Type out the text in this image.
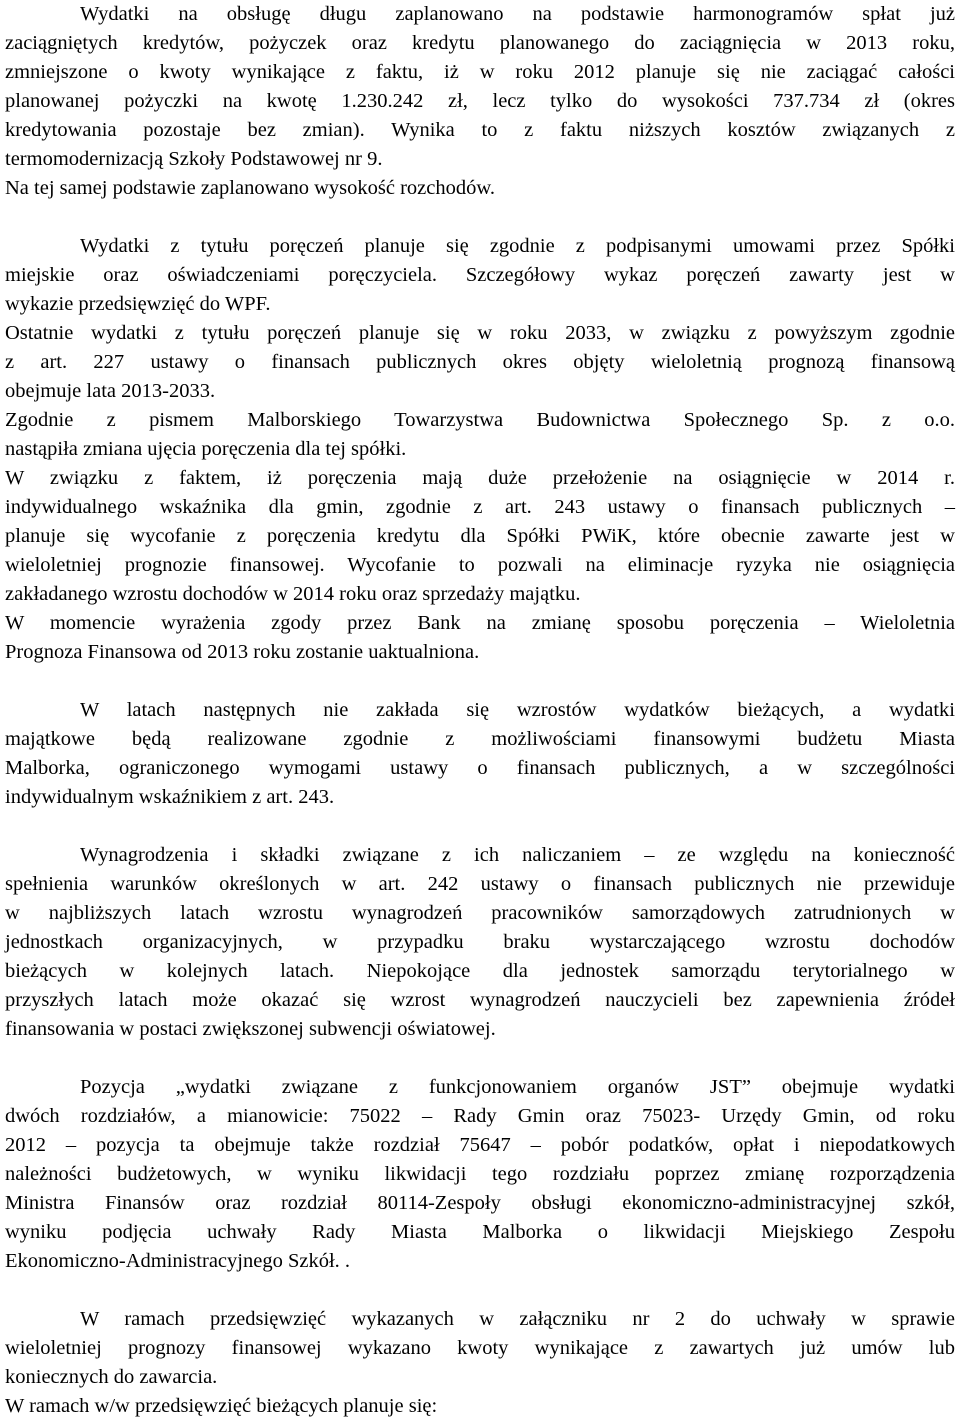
Wydatki na obsługę długu zaplanowano na podstawie harmonogramów spłat już
zaciągniętych kredytów, pożyczek oraz kredytu planowanego do zaciągnięcia w 2013 roku,
zmniejszone o kwoty wynikające z faktu, iż w roku 2012 planuje się nie zaciągać całości
planowanej pożyczki na kwotę 1.230.242 zł, lecz tylko do wysokości 737.734 zł (okres
kredytowania pozostaje bez zmian). Wynika to z faktu niższych kosztów związanych z
termomodernizacją Szkoły Podstawowej nr 9.
Na tej samej podstawie zaplanowano wysokość rozchodów.
Wydatki z tytułu poręczeń planuje się zgodnie z podpisanymi umowami przez Spółki
miejskie oraz oświadczeniami poręczyciela. Szczegółowy wykaz poręczeń zawarty jest w
wykazie przedsięwzięć do WPF.
Ostatnie wydatki z tytułu poręczeń planuje się w roku 2033, w związku z powyższym zgodnie
z art. 227 ustawy o finansach publicznych okres objęty wieloletnią prognozą finansową
obejmuje lata 2013-2033.
Zgodnie z pismem Malborskiego Towarzystwa Budownictwa Społecznego Sp. z o.o.
nastąpiła zmiana ujęcia poręczenia dla tej spółki.
W związku z faktem, iż poręczenia mają duże przełożenie na osiągnięcie w 2014 r.
indywidualnego wskaźnika dla gmin, zgodnie z art. 243 ustawy o finansach publicznych –
planuje się wycofanie z poręczenia kredytu dla Spółki PWiK, które obecnie zawarte jest w
wieloletniej prognozie finansowej. Wycofanie to pozwali na eliminacje ryzyka nie osiągnięcia
zakładanego wzrostu dochodów w 2014 roku oraz sprzedaży majątku.
W momencie wyrażenia zgody przez Bank na zmianę sposobu poręczenia – Wieloletnia
Prognoza Finansowa od 2013 roku zostanie uaktualniona.
W latach następnych nie zakłada się wzrostów wydatków bieżących, a wydatki
majątkowe będą realizowane zgodnie z możliwościami finansowymi budżetu Miasta
Malborka, ograniczonego wymogami ustawy o finansach publicznych, a w szczególności
indywidualnym wskaźnikiem z art. 243.
Wynagrodzenia i składki związane z ich naliczaniem – ze względu na konieczność
spełnienia warunków określonych w art. 242 ustawy o finansach publicznych nie przewiduje
w najbliższych latach wzrostu wynagrodzeń pracowników samorządowych zatrudnionych w
jednostkach organizacyjnych, w przypadku braku wystarczającego wzrostu dochodów
bieżących w kolejnych latach. Niepokojące dla jednostek samorządu terytorialnego w
przyszłych latach może okazać się wzrost wynagrodzeń nauczycieli bez zapewnienia źródeł
finansowania w postaci zwiększonej subwencji oświatowej.
Pozycja „wydatki związane z funkcjonowaniem organów JST” obejmuje wydatki
dwóch rozdziałów, a mianowicie: 75022 – Rady Gmin oraz 75023- Urzędy Gmin, od roku
2012 – pozycja ta obejmuje także rozdział 75647 – pobór podatków, opłat i niepodatkowych
należności budżetowych, w wyniku likwidacji tego rozdziału poprzez zmianę rozporządzenia
Ministra Finansów oraz rozdział 80114-Zespoły obsługi ekonomiczno-administracyjnej szkół,
wyniku podjęcia uchwały Rady Miasta Malborka o likwidacji Miejskiego Zespołu
Ekonomiczno-Administracyjnego Szkół. .
W ramach przedsięwzięć wykazanych w załączniku nr 2 do uchwały w sprawie
wieloletniej prognozy finansowej wykazano kwoty wynikające z zawartych już umów lub
koniecznych do zawarcia.
W ramach w/w przedsięwzięć bieżących planuje się:
